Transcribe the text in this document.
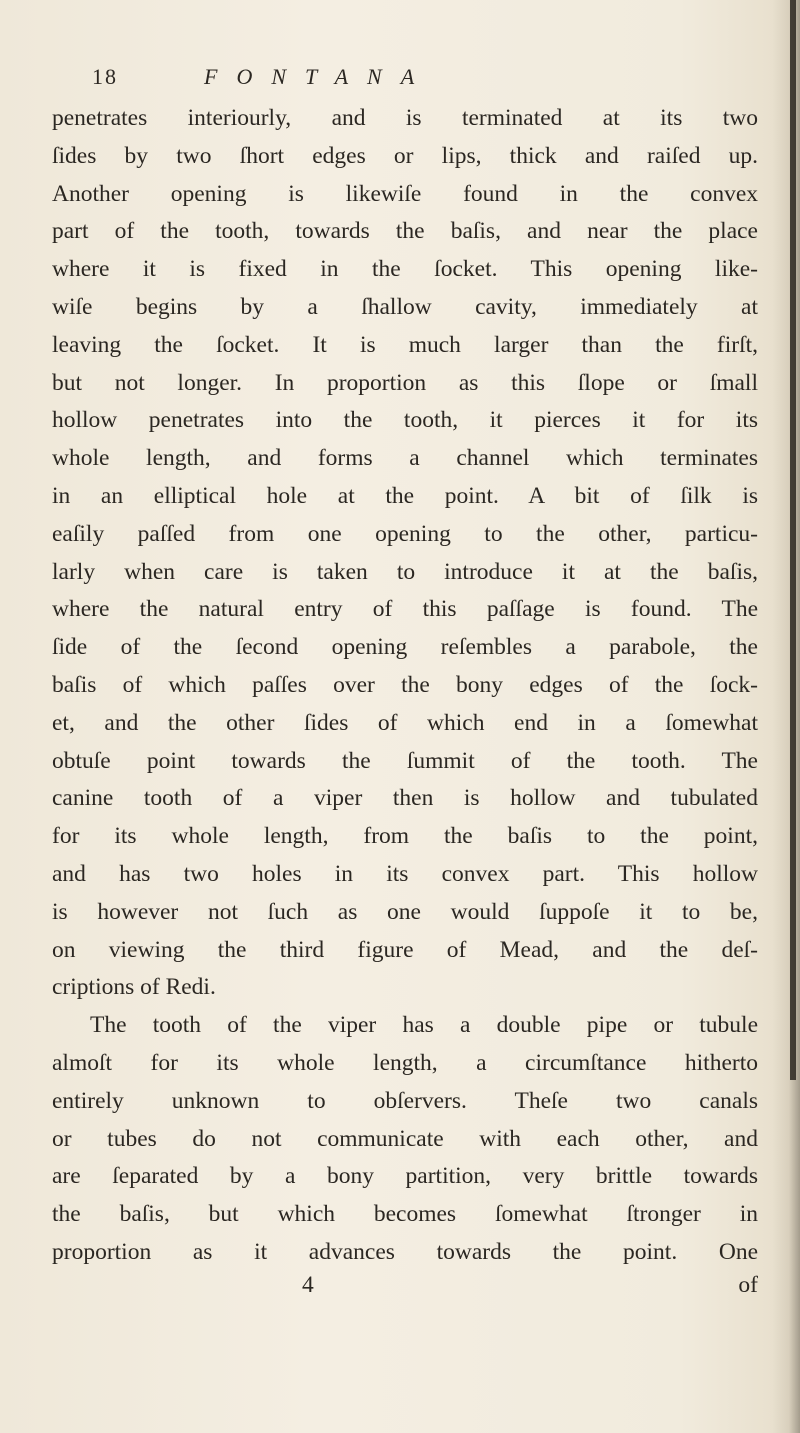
18	FONTANA
penetrates interiourly, and is terminated at its two
ſides by two ſhort edges or lips, thick and raiſed up.
Another opening is likewiſe found in the convex
part of the tooth, towards the baſis, and near the place
where it is fixed in the ſocket. This opening like-
wiſe begins by a ſhallow cavity, immediately at
leaving the ſocket. It is much larger than the firſt,
but not longer. In proportion as this ſlope or ſmall
hollow penetrates into the tooth, it pierces it for its
whole length, and forms a channel which terminates
in an elliptical hole at the point. A bit of ſilk is
eaſily paſſed from one opening to the other, particu-
larly when care is taken to introduce it at the baſis,
where the natural entry of this paſſage is found. The
ſide of the ſecond opening reſembles a parabole, the
baſis of which paſſes over the bony edges of the ſock-
et, and the other ſides of which end in a ſomewhat
obtuſe point towards the ſummit of the tooth. The
canine tooth of a viper then is hollow and tubulated
for its whole length, from the baſis to the point,
and has two holes in its convex part. This hollow
is however not ſuch as one would ſuppoſe it to be,
on viewing the third figure of Mead, and the deſ-
criptions of Redi.
The tooth of the viper has a double pipe or tubule
almoſt for its whole length, a circumſtance hitherto
entirely unknown to obſervers. Theſe two canals
or tubes do not communicate with each other, and
are ſeparated by a bony partition, very brittle towards
the baſis, but which becomes ſomewhat ſtronger in
proportion as it advances towards the point. One
4	of
